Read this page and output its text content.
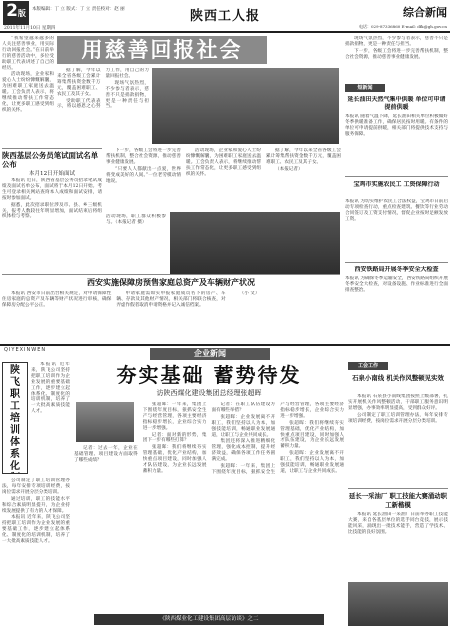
2版	本版编辑：丁 立 版式：丁 立 责任校对：赵 丽
2011年11月10日 星期四
陕西工人报	综合新闻
电话：029-87336860 E-mail: dfk@gh.gov.cn
用慈善回报社会

“我希望越来越多的人关注慈善事业，用实际行动回报社会。”在日前举行的慈善活动中，多位受助职工代表讲述了自己的经历。

活动现场，企业家和爱心人士纷纷慷慨解囊，为困难职工家庭送去温暖。工会负责人表示，将继续推动帮扶工作常态化，让更多职工感受到组织的关怀。

据了解，今年以来全省各级工会累计筹集帮扶资金数千万元，覆盖困难职工、农民工及其子女。

受助职工代表表示，将以感恩之心努力工作，用自己的力量回报社会。

现场气氛热烈，不少参与者表示，慈善不只是捐款捐物，更是一种责任与担当。

陕西基层公务员笔试面试名单公布
本月12日开始面试

本报讯 近日，陕西省基层公务员招录笔试成绩及面试名单公布，面试将于本月12日开始。考生可登录相关网站查询本人成绩和面试安排，请按时参加面试。

据悉，此次招录职位涉及市、县、乡三级机关，报考人数较往年明显增加，面试结束后将组织体检与考察。

下一步，各级工会将进一步完善帮扶机制，整合社会资源，推动慈善事业健康发展。

“只要人人都献出一点爱，世界将变成美好的人间。”一位老劳模动情地说。

活动现场，企业家和爱心人士纷纷慷慨解囊，为困难职工家庭送去温暖。工会负责人表示，将继续推动帮扶工作常态化，让更多职工感受到组织的关怀。

据了解，今年以来全省各级工会累计筹集帮扶资金数千万元，覆盖困难职工、农民工及其子女。

（本报记者）

活动现场，职工群众积极参与。（本报记者 摄）
西安实施保障房预售家庭总资产及车辆财产状况

本报讯 西安市日前出台相关规定，对申请保障性住房家庭的总资产及车辆等财产状况进行审核，确保保障房分配公平公正。

申请家庭需如实申报家庭成员名下的房产、车辆、存款及其他财产情况，相关部门将联合核查，对弄虚作假者取消申请资格并记入诚信档案。

（小 文）

现场气氛热烈，不少参与者表示，慈善不只是捐款捐物，更是一种责任与担当。

下一步，各级工会将进一步完善帮扶机制，整合社会资源，推动慈善事业健康发展。

短新闻
延长油田天然气集中供暖 单位可申请提前供暖
本报讯 随着气温下降，延长油田相关单位积极做好冬季供暖准备工作，确保居民按时用暖。有条件的单位可申请提前供暖，相关部门将提供技术支持与服务保障。
宝鸡市实施农民工 工资保障行动
本报讯 为切实维护农民工合法权益，宝鸡市日前启动专项检查行动，重点检查建筑、餐饮等行业劳动合同签订及工资支付情况，督促企业按时足额发放工资。
西安铁路局开展冬季安全大检查
本报讯 为确保冬季运输安全，西安铁路局组织开展冬季安全大检查，对设备设施、作业标准进行全面排查整治。
QIYEXINWEN	企业新闻
陕飞职工培训体系化

本报讯 近年来，陕飞公司坚持把职工培训作为企业发展的重要基础工作，逐步建立起体系化、制度化的培训机制，培养了一大批高素质技能人才。

公司制定了职工培训管理办法，每年安排专项培训经费，按岗位需求开展分层分类培训。

通过培训，职工的技能水平和综合素质明显提升，为企业持续发展提供了有力的人才保障。

本报讯 近年来，陕飞公司坚持把职工培训作为企业发展的重要基础工作，逐步建立起体系化、制度化的培训机制，培养了一大批高素质技能人才。

夯实基础 蓄势待发
访陕西煤化建设集团总经理张超晖

记者：过去一年，企业在基础管理、项目建设方面取得了哪些成绩？

张超晖：一年来，集团上下围绕年度目标，狠抓安全生产与经营管理，各项主要经济指标稳步增长，企业综合实力进一步增强。

记者：面对新的形势，集团下一步有哪些打算？

张超晖：我们将继续夯实管理基础，优化产业结构，加快重点项目建设，同时加强人才队伍建设，为企业长远发展蓄积力量。

记者：在职工队伍建设方面有哪些举措？

张超晖：企业发展离不开职工，我们坚持以人为本，加强技能培训，畅通职业发展通道，让职工与企业共同成长。

集团还将深入推进精细化管理，强化成本控制，提升经济效益，确保各项工作任务圆满完成。

张超晖：一年来，集团上下围绕年度目标，狠抓安全生产与经营管理，各项主要经济指标稳步增长，企业综合实力进一步增强。

张超晖：我们将继续夯实管理基础，优化产业结构，加快重点项目建设，同时加强人才队伍建设，为企业长远发展蓄积力量。

张超晖：企业发展离不开职工，我们坚持以人为本，加强技能培训，畅通职业发展通道，让职工与企业共同成长。

《陕西煤业化工建设集团高层访谈》之二
工会工作
石泉小南线 机关作风整顿见实效

本报讯 石泉县小南线集团按照上级部署，扎实开展机关作风整顿活动，干部职工服务意识明显增强，办事效率明显提高，受到群众好评。

公司制定了职工培训管理办法，每年安排专项培训经费，按岗位需求开展分层分类培训。

延长一采油厂 职工技能大赛涌动职工新楷模

本报讯 延长油田一采油厂日前举办职工技能大赛，来自各基层单位的选手同台竞技，展示技能风采，涌现出一批技术能手，营造了学技术、比技能的良好氛围。
